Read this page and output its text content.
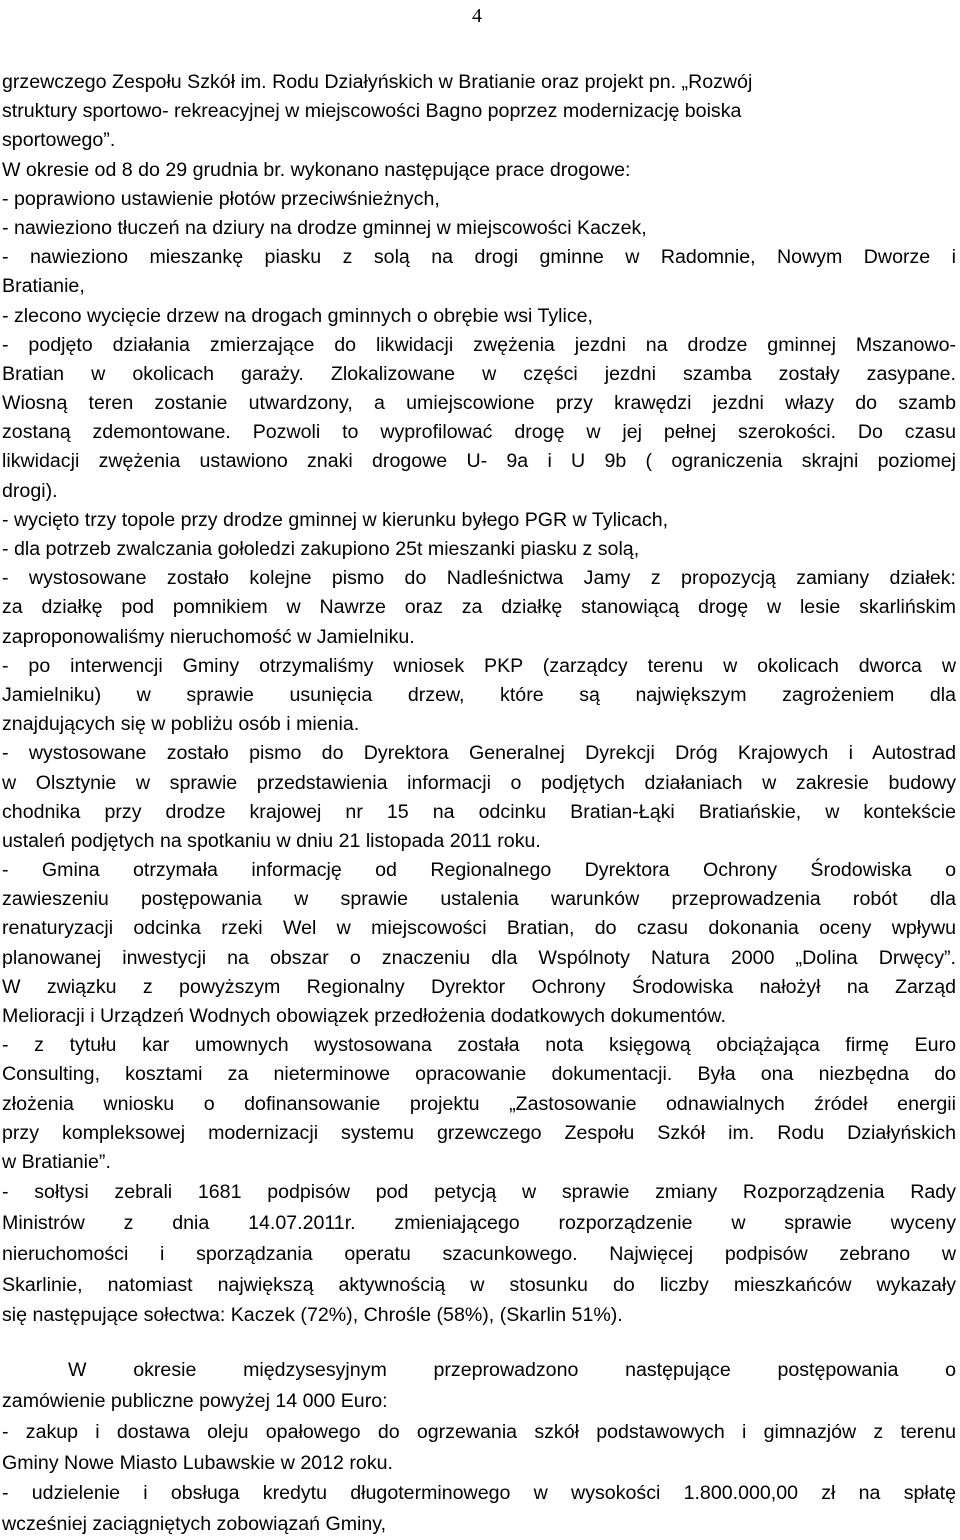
4
grzewczego Zespołu Szkół im. Rodu Działyńskich w Bratianie oraz projekt pn. „Rozwój
struktury sportowo- rekreacyjnej w miejscowości Bagno poprzez modernizację boiska
sportowego”.
W okresie od 8 do 29 grudnia br. wykonano następujące prace drogowe:
- poprawiono ustawienie płotów przeciwśnieżnych,
- nawieziono tłuczeń na dziury na drodze gminnej w miejscowości Kaczek,
- nawieziono mieszankę piasku z solą na drogi gminne w Radomnie, Nowym Dworze i
Bratianie,
- zlecono wycięcie drzew na drogach gminnych o obrębie wsi Tylice,
- podjęto działania zmierzające do likwidacji zwężenia jezdni na drodze gminnej Mszanowo-
Bratian w okolicach garaży. Zlokalizowane w części jezdni szamba zostały zasypane.
Wiosną teren zostanie utwardzony, a umiejscowione przy krawędzi jezdni włazy do szamb
zostaną zdemontowane. Pozwoli to wyprofilować drogę w jej pełnej szerokości. Do czasu
likwidacji zwężenia ustawiono znaki drogowe U- 9a i U 9b ( ograniczenia skrajni poziomej
drogi).
- wycięto trzy topole przy drodze gminnej w kierunku byłego PGR w Tylicach,
- dla potrzeb zwalczania gołoledzi zakupiono 25t mieszanki piasku z solą,
- wystosowane zostało kolejne pismo do Nadleśnictwa Jamy z propozycją zamiany działek:
za działkę pod pomnikiem w Nawrze oraz za działkę stanowiącą drogę w lesie skarlińskim
zaproponowaliśmy nieruchomość w Jamielniku.
- po interwencji Gminy otrzymaliśmy wniosek PKP (zarządcy terenu w okolicach dworca w
Jamielniku) w sprawie usunięcia drzew, które są największym zagrożeniem dla
znajdujących się w pobliżu osób i mienia.
- wystosowane zostało pismo do Dyrektora Generalnej Dyrekcji Dróg Krajowych i Autostrad
w Olsztynie w sprawie przedstawienia informacji o podjętych działaniach w zakresie budowy
chodnika przy drodze krajowej nr 15 na odcinku Bratian-Łąki Bratiańskie, w kontekście
ustaleń podjętych na spotkaniu w dniu 21 listopada 2011 roku.
- Gmina otrzymała informację od Regionalnego Dyrektora Ochrony Środowiska o
zawieszeniu postępowania w sprawie ustalenia warunków przeprowadzenia robót dla
renaturyzacji odcinka rzeki Wel w miejscowości Bratian, do czasu dokonania oceny wpływu
planowanej inwestycji na obszar o znaczeniu dla Wspólnoty Natura 2000 „Dolina Drwęcy”.
W związku z powyższym Regionalny Dyrektor Ochrony Środowiska nałożył na Zarząd
Melioracji i Urządzeń Wodnych obowiązek przedłożenia dodatkowych dokumentów.
- z tytułu kar umownych wystosowana została nota księgową obciążająca firmę Euro
Consulting, kosztami za nieterminowe opracowanie dokumentacji. Była ona niezbędna do
złożenia wniosku o dofinansowanie projektu „Zastosowanie odnawialnych źródeł energii
przy kompleksowej modernizacji systemu grzewczego Zespołu Szkół im. Rodu Działyńskich
w Bratianie”.
- sołtysi zebrali 1681 podpisów pod petycją w sprawie zmiany Rozporządzenia Rady
Ministrów z dnia 14.07.2011r. zmieniającego rozporządzenie w sprawie wyceny
nieruchomości i sporządzania operatu szacunkowego. Najwięcej podpisów zebrano w
Skarlinie, natomiast największą aktywnością w stosunku do liczby mieszkańców wykazały
się następujące sołectwa: Kaczek (72%), Chrośle (58%), (Skarlin 51%).
W okresie międzysesyjnym przeprowadzono następujące postępowania o
zamówienie publiczne powyżej 14 000 Euro:
- zakup i dostawa oleju opałowego do ogrzewania szkół podstawowych i gimnazjów z terenu
Gminy Nowe Miasto Lubawskie w 2012 roku.
- udzielenie i obsługa kredytu długoterminowego w wysokości 1.800.000,00 zł na spłatę
wcześniej zaciągniętych zobowiązań Gminy,
